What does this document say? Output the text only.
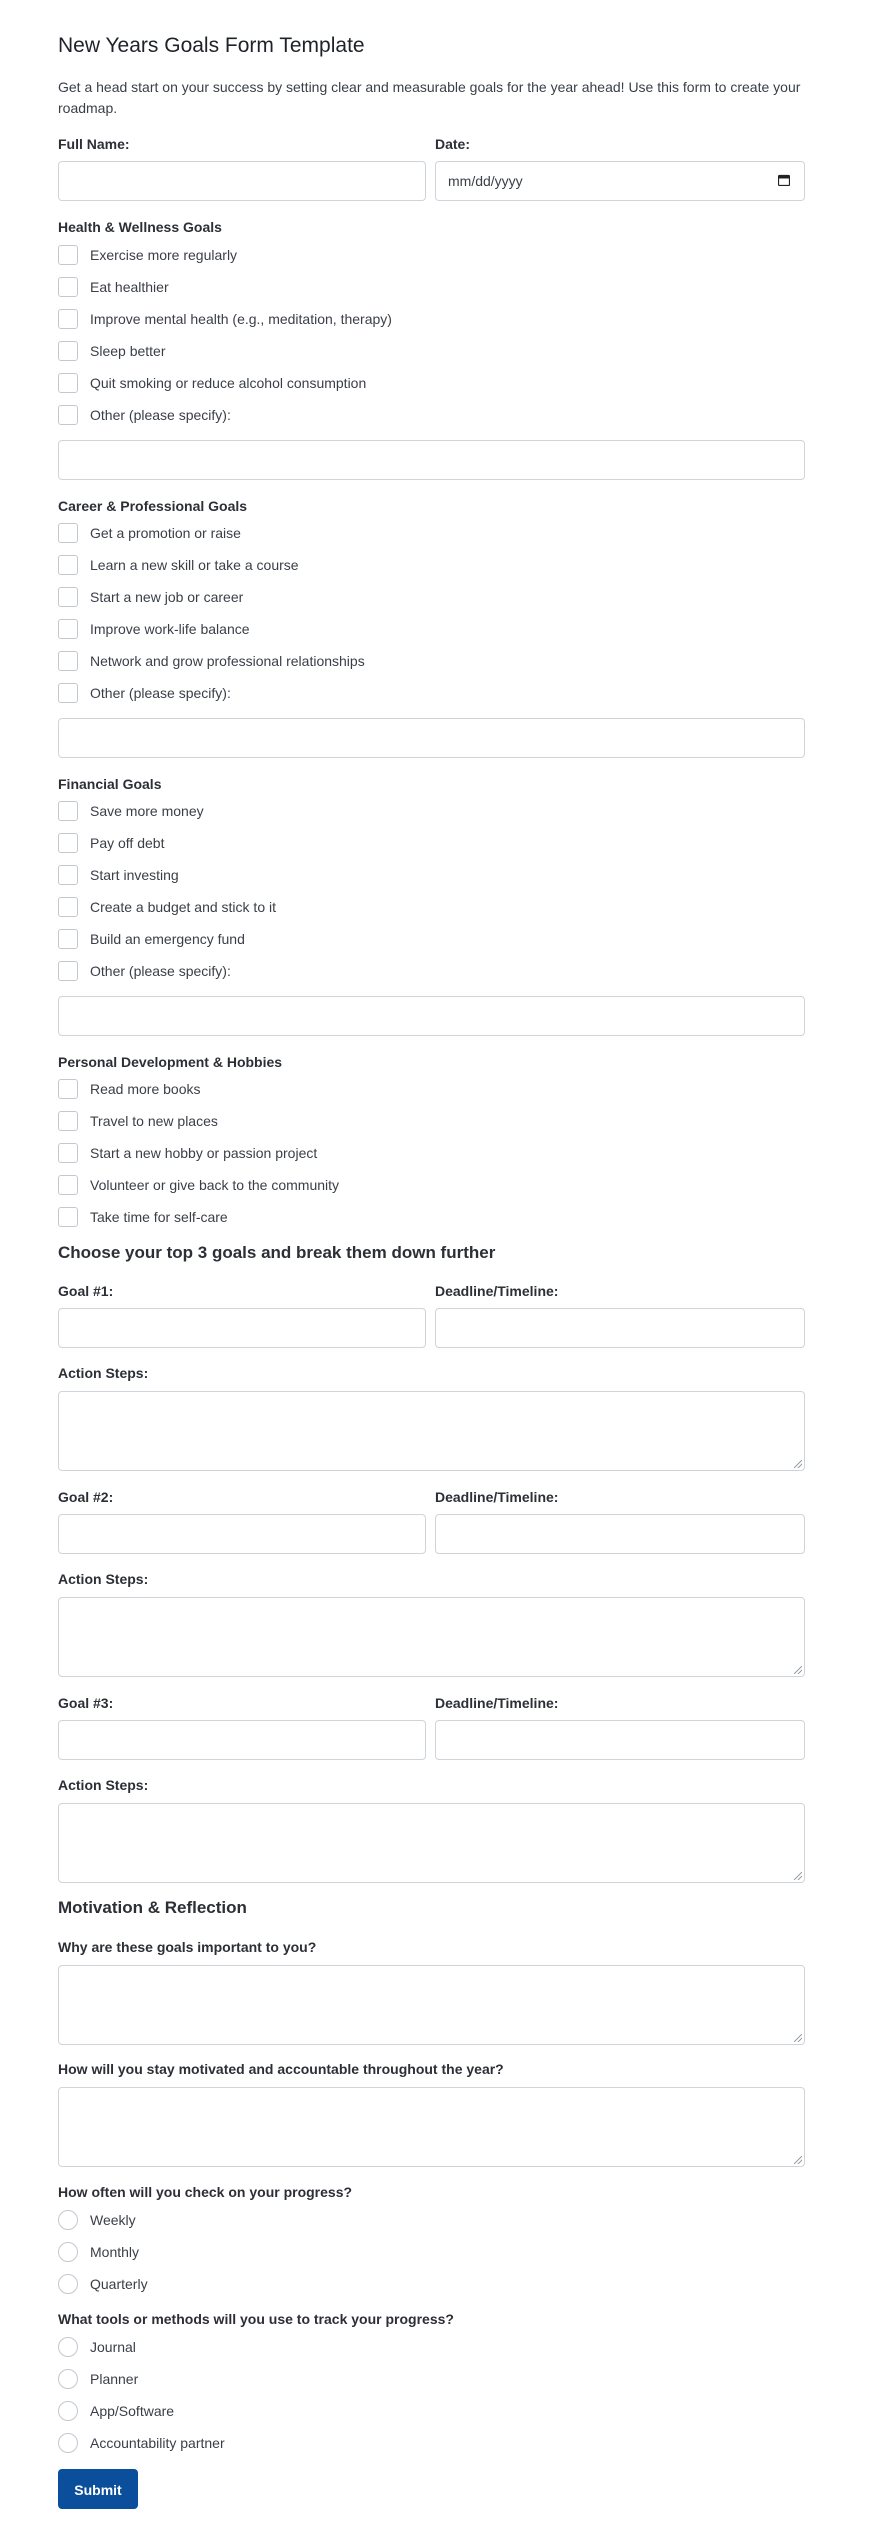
New Years Goals Form Template

Get a head start on your success by setting clear and measurable goals for the year ahead! Use this form to create your roadmap.

Full Name:	Date:
mm/dd/yyyy
Health & Wellness Goals
Exercise more regularly
Eat healthier
Improve mental health (e.g., meditation, therapy)
Sleep better
Quit smoking or reduce alcohol consumption
Other (please specify):
Career & Professional Goals
Get a promotion or raise
Learn a new skill or take a course
Start a new job or career
Improve work-life balance
Network and grow professional relationships
Other (please specify):
Financial Goals
Save more money
Pay off debt
Start investing
Create a budget and stick to it
Build an emergency fund
Other (please specify):
Personal Development & Hobbies
Read more books
Travel to new places
Start a new hobby or passion project
Volunteer or give back to the community
Take time for self-care
Choose your top 3 goals and break them down further
Goal #1:	Deadline/Timeline:
Action Steps:
Goal #2:	Deadline/Timeline:
Action Steps:
Goal #3:	Deadline/Timeline:
Action Steps:
Motivation & Reflection
Why are these goals important to you?
How will you stay motivated and accountable throughout the year?
How often will you check on your progress?
Weekly
Monthly
Quarterly
What tools or methods will you use to track your progress?
Journal
Planner
App/Software
Accountability partner
Submit
